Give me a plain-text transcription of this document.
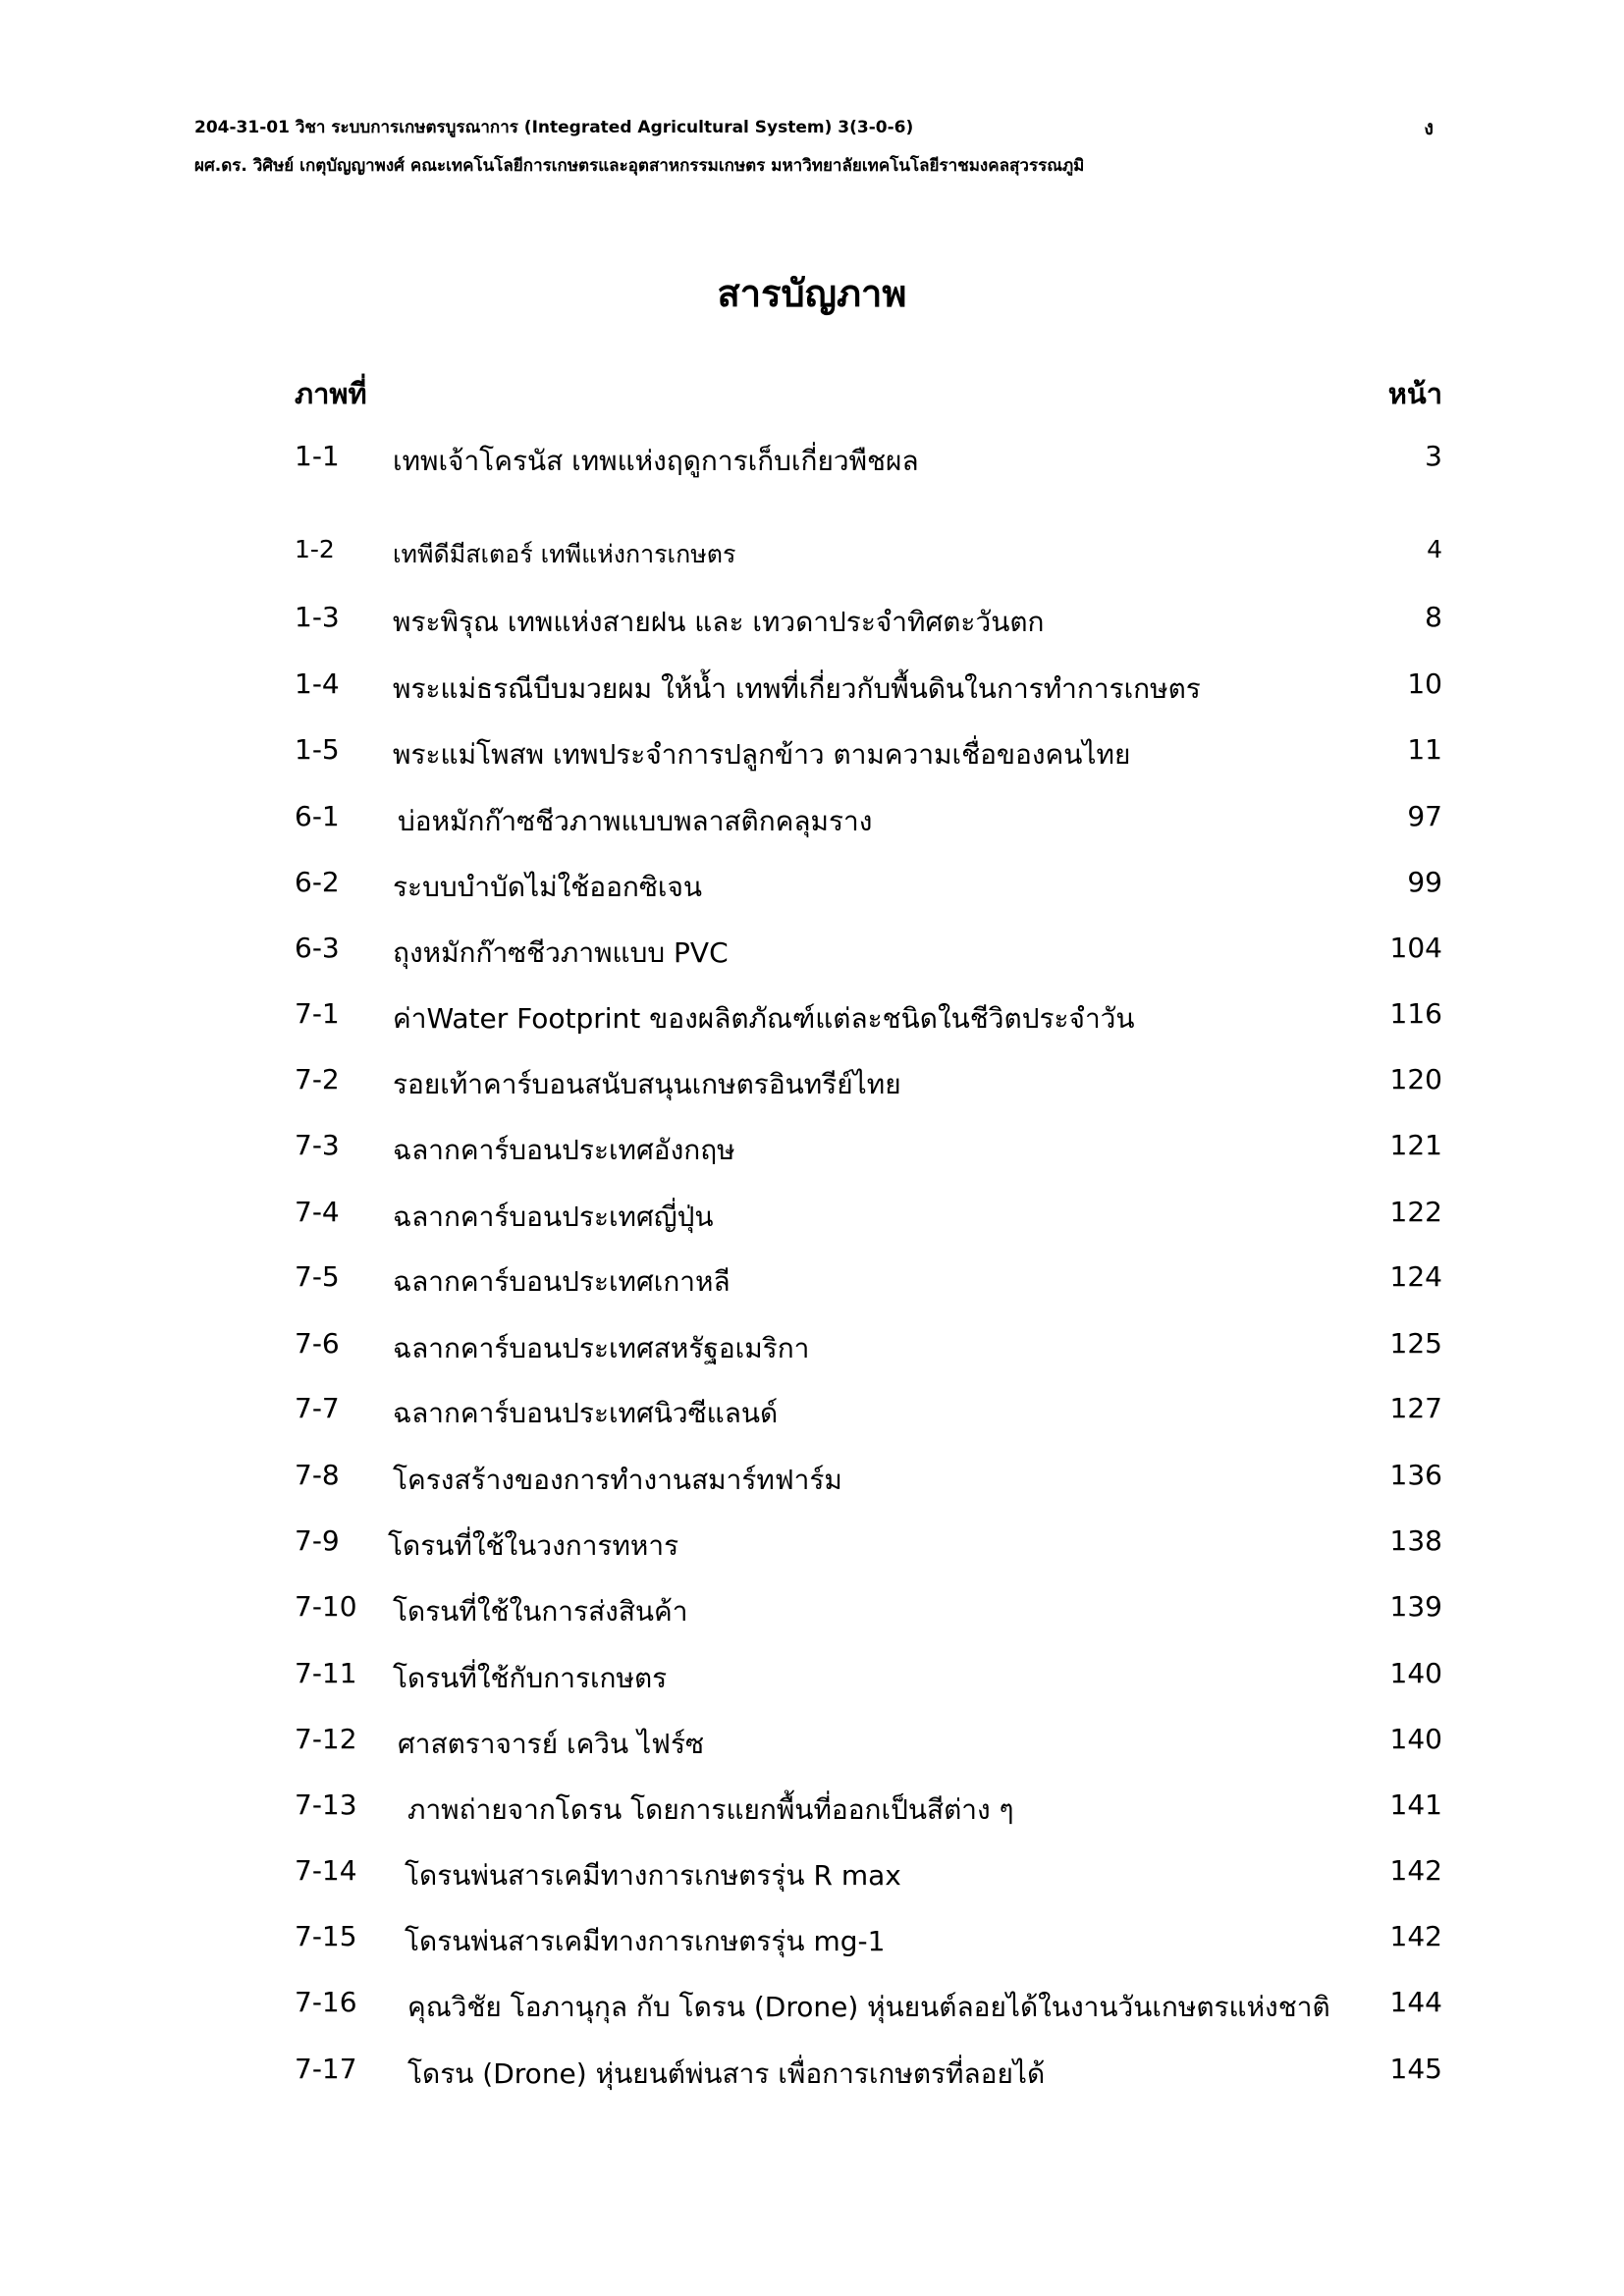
204-31-01 วิชา ระบบการเกษตรบูรณาการ (Integrated Agricultural System) 3(3-0-6)	ง
ผศ.ดร. วิศิษย์ เกตุบัญญาพงศ์ คณะเทคโนโลยีการเกษตรและอุตสาหกรรมเกษตร มหาวิทยาลัยเทคโนโลยีราชมงคลสุวรรณภูมิ
สารบัญภาพ
ภาพที่	หน้า
1-1 เทพเจ้าโครนัส เทพแห่งฤดูการเก็บเกี่ยวพืชผล	3
1-2 เทพีดีมีสเตอร์ เทพีแห่งการเกษตร	4
1-3 พระพิรุณ เทพแห่งสายฝน และ เทวดาประจำทิศตะวันตก	8
1-4 พระแม่ธรณีบีบมวยผม ให้น้ำ เทพที่เกี่ยวกับพื้นดินในการทำการเกษตร	10
1-5 พระแม่โพสพ เทพประจำการปลูกข้าว ตามความเชื่อของคนไทย	11
6-1 บ่อหมักก๊าซชีวภาพแบบพลาสติกคลุมราง	97
6-2 ระบบบำบัดไม่ใช้ออกซิเจน	99
6-3 ถุงหมักก๊าซชีวภาพแบบ PVC	104
7-1 ค่าWater Footprint ของผลิตภัณฑ์แต่ละชนิดในชีวิตประจำวัน	116
7-2 รอยเท้าคาร์บอนสนับสนุนเกษตรอินทรีย์ไทย	120
7-3 ฉลากคาร์บอนประเทศอังกฤษ	121
7-4 ฉลากคาร์บอนประเทศญี่ปุ่น	122
7-5 ฉลากคาร์บอนประเทศเกาหลี	124
7-6 ฉลากคาร์บอนประเทศสหรัฐอเมริกา	125
7-7 ฉลากคาร์บอนประเทศนิวซีแลนด์	127
7-8 โครงสร้างของการทำงานสมาร์ทฟาร์ม	136
7-9 โดรนที่ใช้ในวงการทหาร	138
7-10 โดรนที่ใช้ในการส่งสินค้า	139
7-11 โดรนที่ใช้กับการเกษตร	140
7-12 ศาสตราจารย์ เควิน ไฟร์ซ	140
7-13 ภาพถ่ายจากโดรน โดยการแยกพื้นที่ออกเป็นสีต่าง ๆ	141
7-14 โดรนพ่นสารเคมีทางการเกษตรรุ่น R max	142
7-15 โดรนพ่นสารเคมีทางการเกษตรรุ่น mg-1	142
7-16 คุณวิชัย โอภานุกุล กับ โดรน (Drone) หุ่นยนต์ลอยได้ในงานวันเกษตรแห่งชาติ 144
7-17 โดรน (Drone) หุ่นยนต์พ่นสาร เพื่อการเกษตรที่ลอยได้	145
